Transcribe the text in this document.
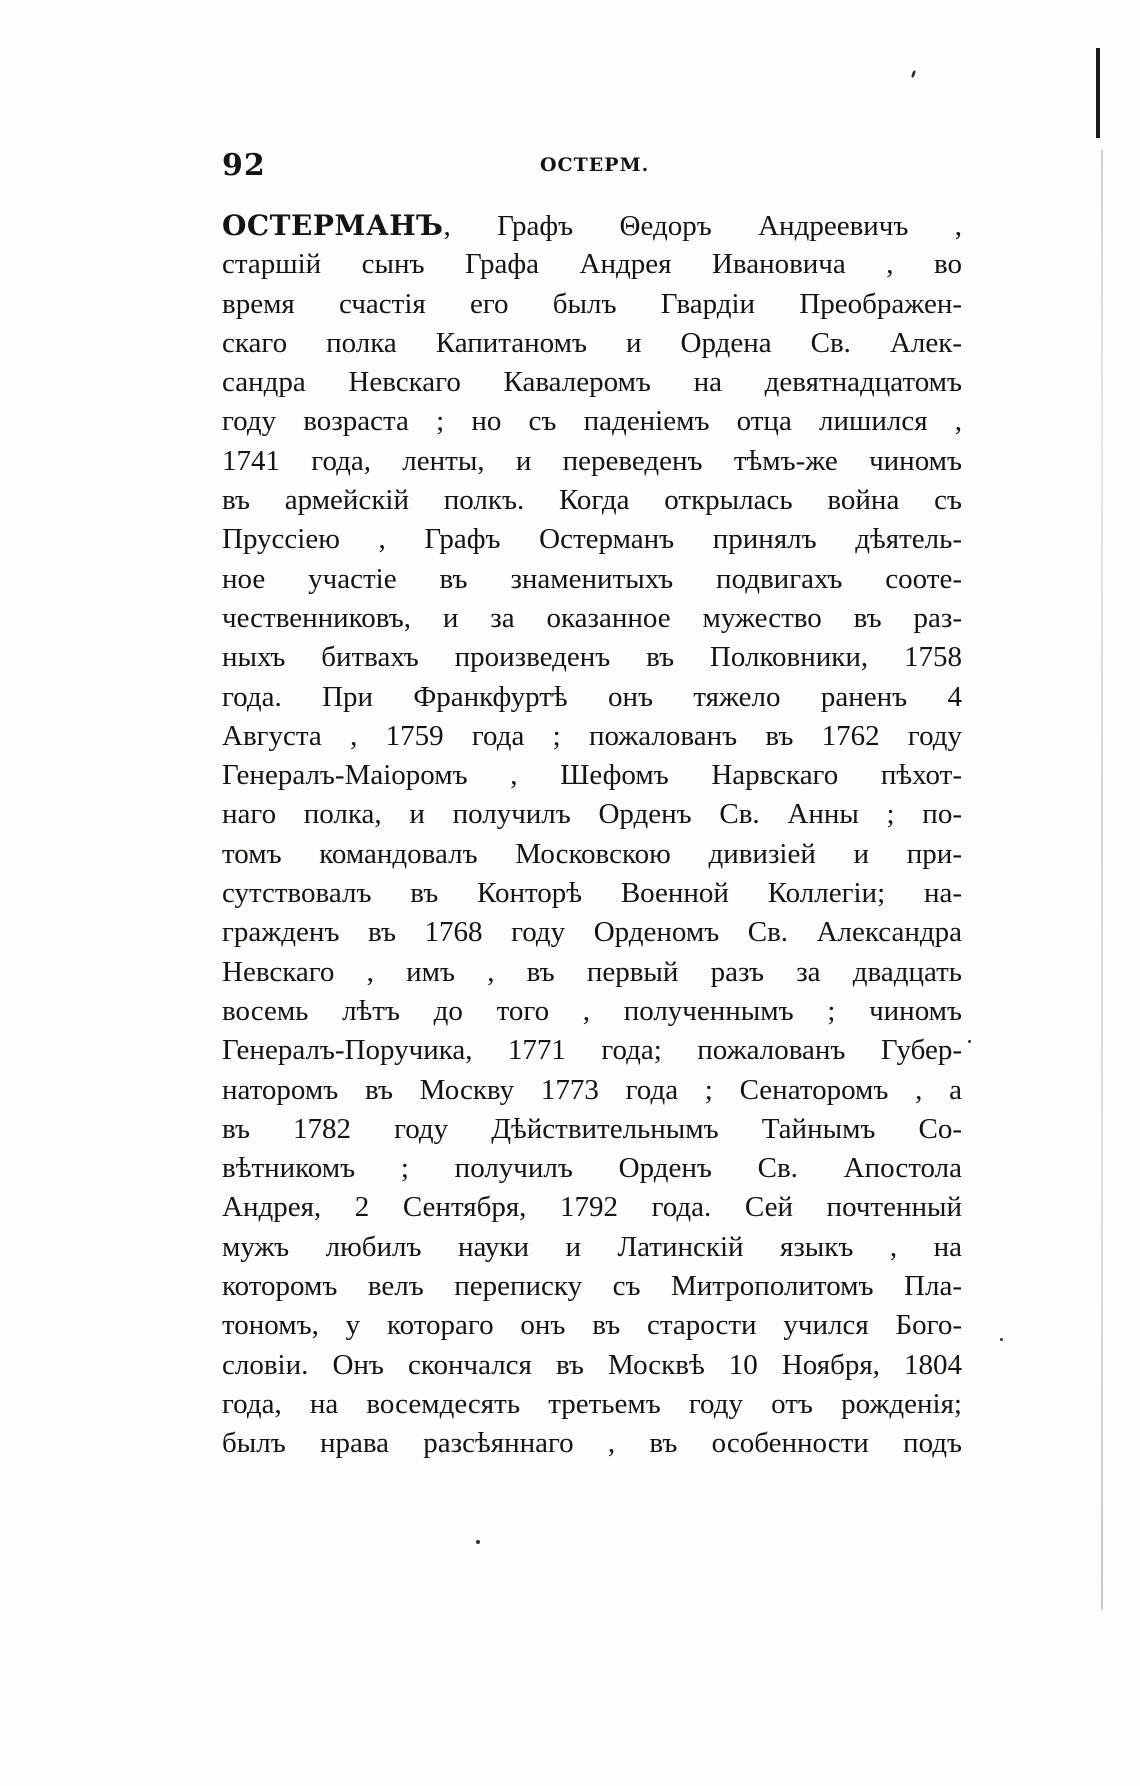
92	ОСТЕРМ.
ОСТЕРМАНЪ, Графъ Θедоръ Андреевичъ ,
старшій сынъ Графа Андрея Ивановича , во
время счастія его былъ Гвардіи Преображен-
скаго полка Капитаномъ и Ордена Св. Алек-
сандра Невскаго Кавалеромъ на девятнадцатомъ
году возраста ; но съ паденіемъ отца лишился ,
1741 года, ленты, и переведенъ тѣмъ-же чиномъ
въ армейскій полкъ. Когда открылась война съ
Пруссіею , Графъ Остерманъ принялъ дѣятель-
ное участіе въ знаменитыхъ подвигахъ соотe-
чественниковъ, и за оказанное мужество въ раз-
ныхъ битвахъ произведенъ въ Полковники, 1758
года. При Франкфуртѣ онъ тяжело раненъ 4
Августа , 1759 года ; пожалованъ въ 1762 году
Генералъ-Маіоромъ , Шефомъ Нарвскаго пѣхот-
наго полка, и получилъ Орденъ Св. Анны ; по-
томъ командовалъ Московскою дивизіей и при-
сутствовалъ въ Конторѣ Военной Коллегіи; на-
гражденъ въ 1768 году Орденомъ Св. Александра
Невскаго , имъ , въ первый разъ за двадцать
восемь лѣтъ до того , полученнымъ ; чиномъ
Генералъ-Поручика, 1771 года; пожалованъ Губер-
наторомъ въ Москву 1773 года ; Сенаторомъ , а
въ 1782 году Дѣйствительнымъ Тайнымъ Со-
вѣтникомъ ; получилъ Орденъ Св. Апостола
Андрея, 2 Сентября, 1792 года. Сей почтенный
мужъ любилъ науки и Латинскій языкъ , на
которомъ велъ переписку съ Митрополитомъ Пла-
тономъ, у котораго онъ въ старости учился Бого-
словіи. Онъ скончался въ Москвѣ 10 Ноября, 1804
года, на восемдесять третьемъ году отъ рожденія;
былъ нрава разсѣяннаго , въ особенности подъ
